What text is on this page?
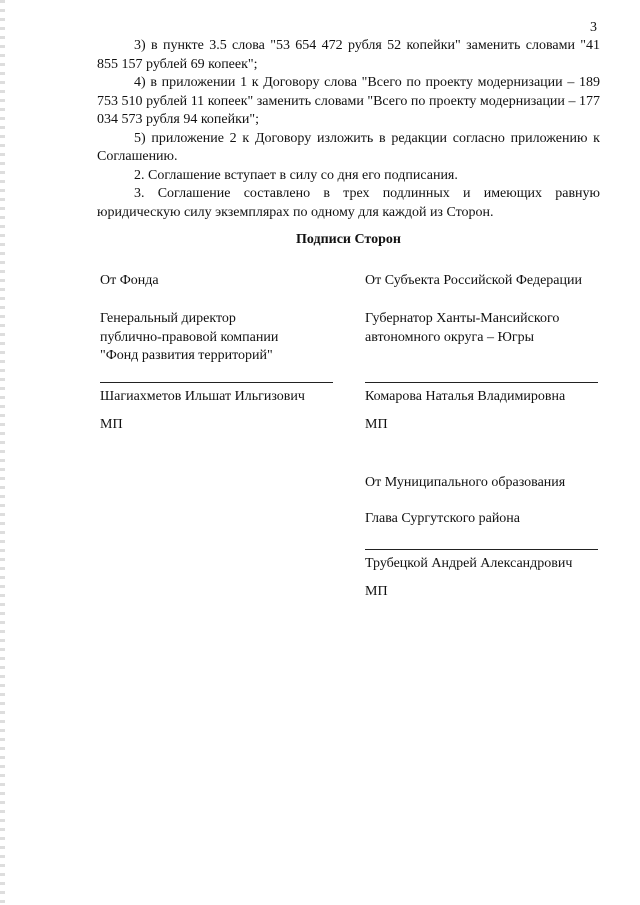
3

3) в пункте 3.5 слова "53 654 472 рубля 52 копейки" заменить словами "41 855 157 рублей 69 копеек";

4) в приложении 1 к Договору слова "Всего по проекту модернизации – 189 753 510 рублей 11 копеек" заменить словами "Всего по проекту модернизации – 177 034 573 рубля 94 копейки";

5) приложение 2 к Договору изложить в редакции согласно приложению к Соглашению.

2. Соглашение вступает в силу со дня его подписания.

3. Соглашение составлено в трех подлинных и имеющих равную юридическую силу экземплярах по одному для каждой из Сторон.

Подписи Сторон
От Фонда
Генеральный директор
публично-правовой компании
"Фонд развития территорий"
Шагиахметов Ильшат Ильгизович
МП
От Субъекта Российской Федерации
Губернатор Ханты-Мансийского
автономного округа – Югры
Комарова Наталья Владимировна
МП
От Муниципального образования
Глава Сургутского района
Трубецкой Андрей Александрович
МП
